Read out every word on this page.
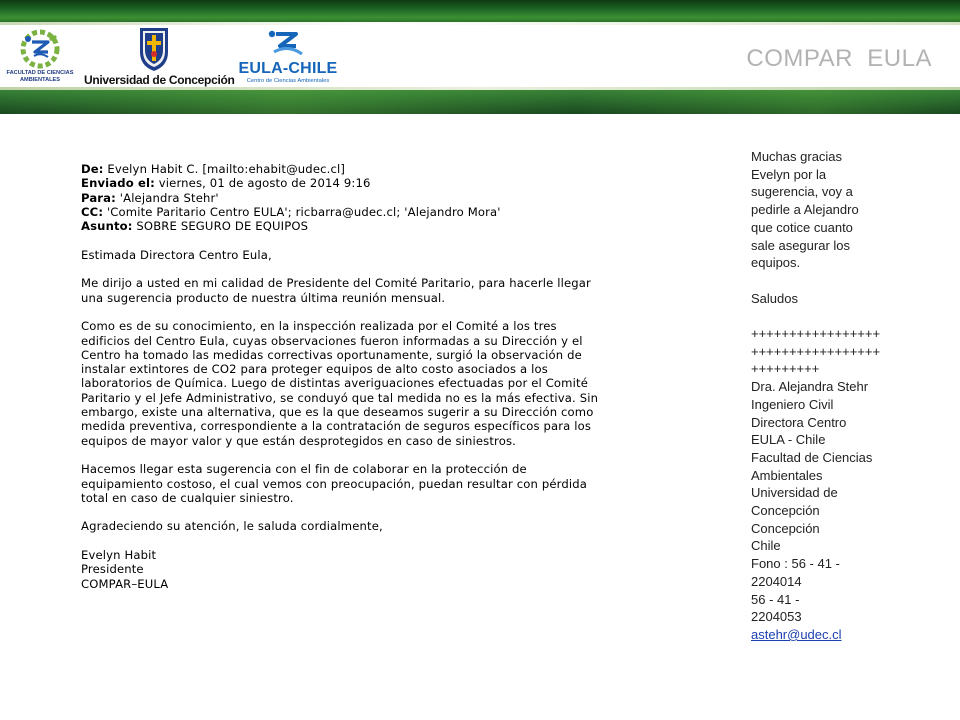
FACULTAD DE CIENCIAS
AMBIENTALES	Universidad de Concepción
EULA-CHILE
Centro de Ciencias Ambientales
COMPAR  EULA
De: Evelyn Habit C. [mailto:ehabit@udec.cl]
Enviado el: viernes, 01 de agosto de 2014 9:16
Para: 'Alejandra Stehr'
CC: 'Comite Paritario Centro EULA'; ricbarra@udec.cl; 'Alejandro Mora'
Asunto: SOBRE SEGURO DE EQUIPOS

Estimada Directora Centro Eula,

Me dirijo a usted en mi calidad de Presidente del Comité Paritario, para hacerle llegar
una sugerencia producto de nuestra última reunión mensual.

Como es de su conocimiento, en la inspección realizada por el Comité a los tres
edificios del Centro Eula, cuyas observaciones fueron informadas a su Dirección y el
Centro ha tomado las medidas correctivas oportunamente, surgió la observación de
instalar extintores de CO2 para proteger equipos de alto costo asociados a los
laboratorios de Química. Luego de distintas averiguaciones efectuadas por el Comité
Paritario y el Jefe Administrativo, se conduyó que tal medida no es la más efectiva. Sin
embargo, existe una alternativa, que es la que deseamos sugerir a su Dirección como
medida preventiva, correspondiente a la contratación de seguros específicos para los
equipos de mayor valor y que están desprotegidos en caso de siniestros.

Hacemos llegar esta sugerencia con el fin de colaborar en la protección de
equipamiento costoso, el cual vemos con preocupación, puedan resultar con pérdida
total en caso de cualquier siniestro.

Agradeciendo su atención, le saluda cordialmente,

Evelyn Habit
Presidente
COMPAR–EULA
Muchas gracias
Evelyn por la
sugerencia, voy a
pedirle a Alejandro
que cotice cuanto
sale asegurar los
equipos.
Saludos
+++++++++++++++++
+++++++++++++++++
+++++++++
Dra. Alejandra Stehr
Ingeniero Civil
Directora Centro
EULA - Chile
Facultad de Ciencias
Ambientales
Universidad de
Concepción
Concepción
Chile
Fono : 56 - 41 -
2204014
56 - 41 -
2204053
astehr@udec.cl
